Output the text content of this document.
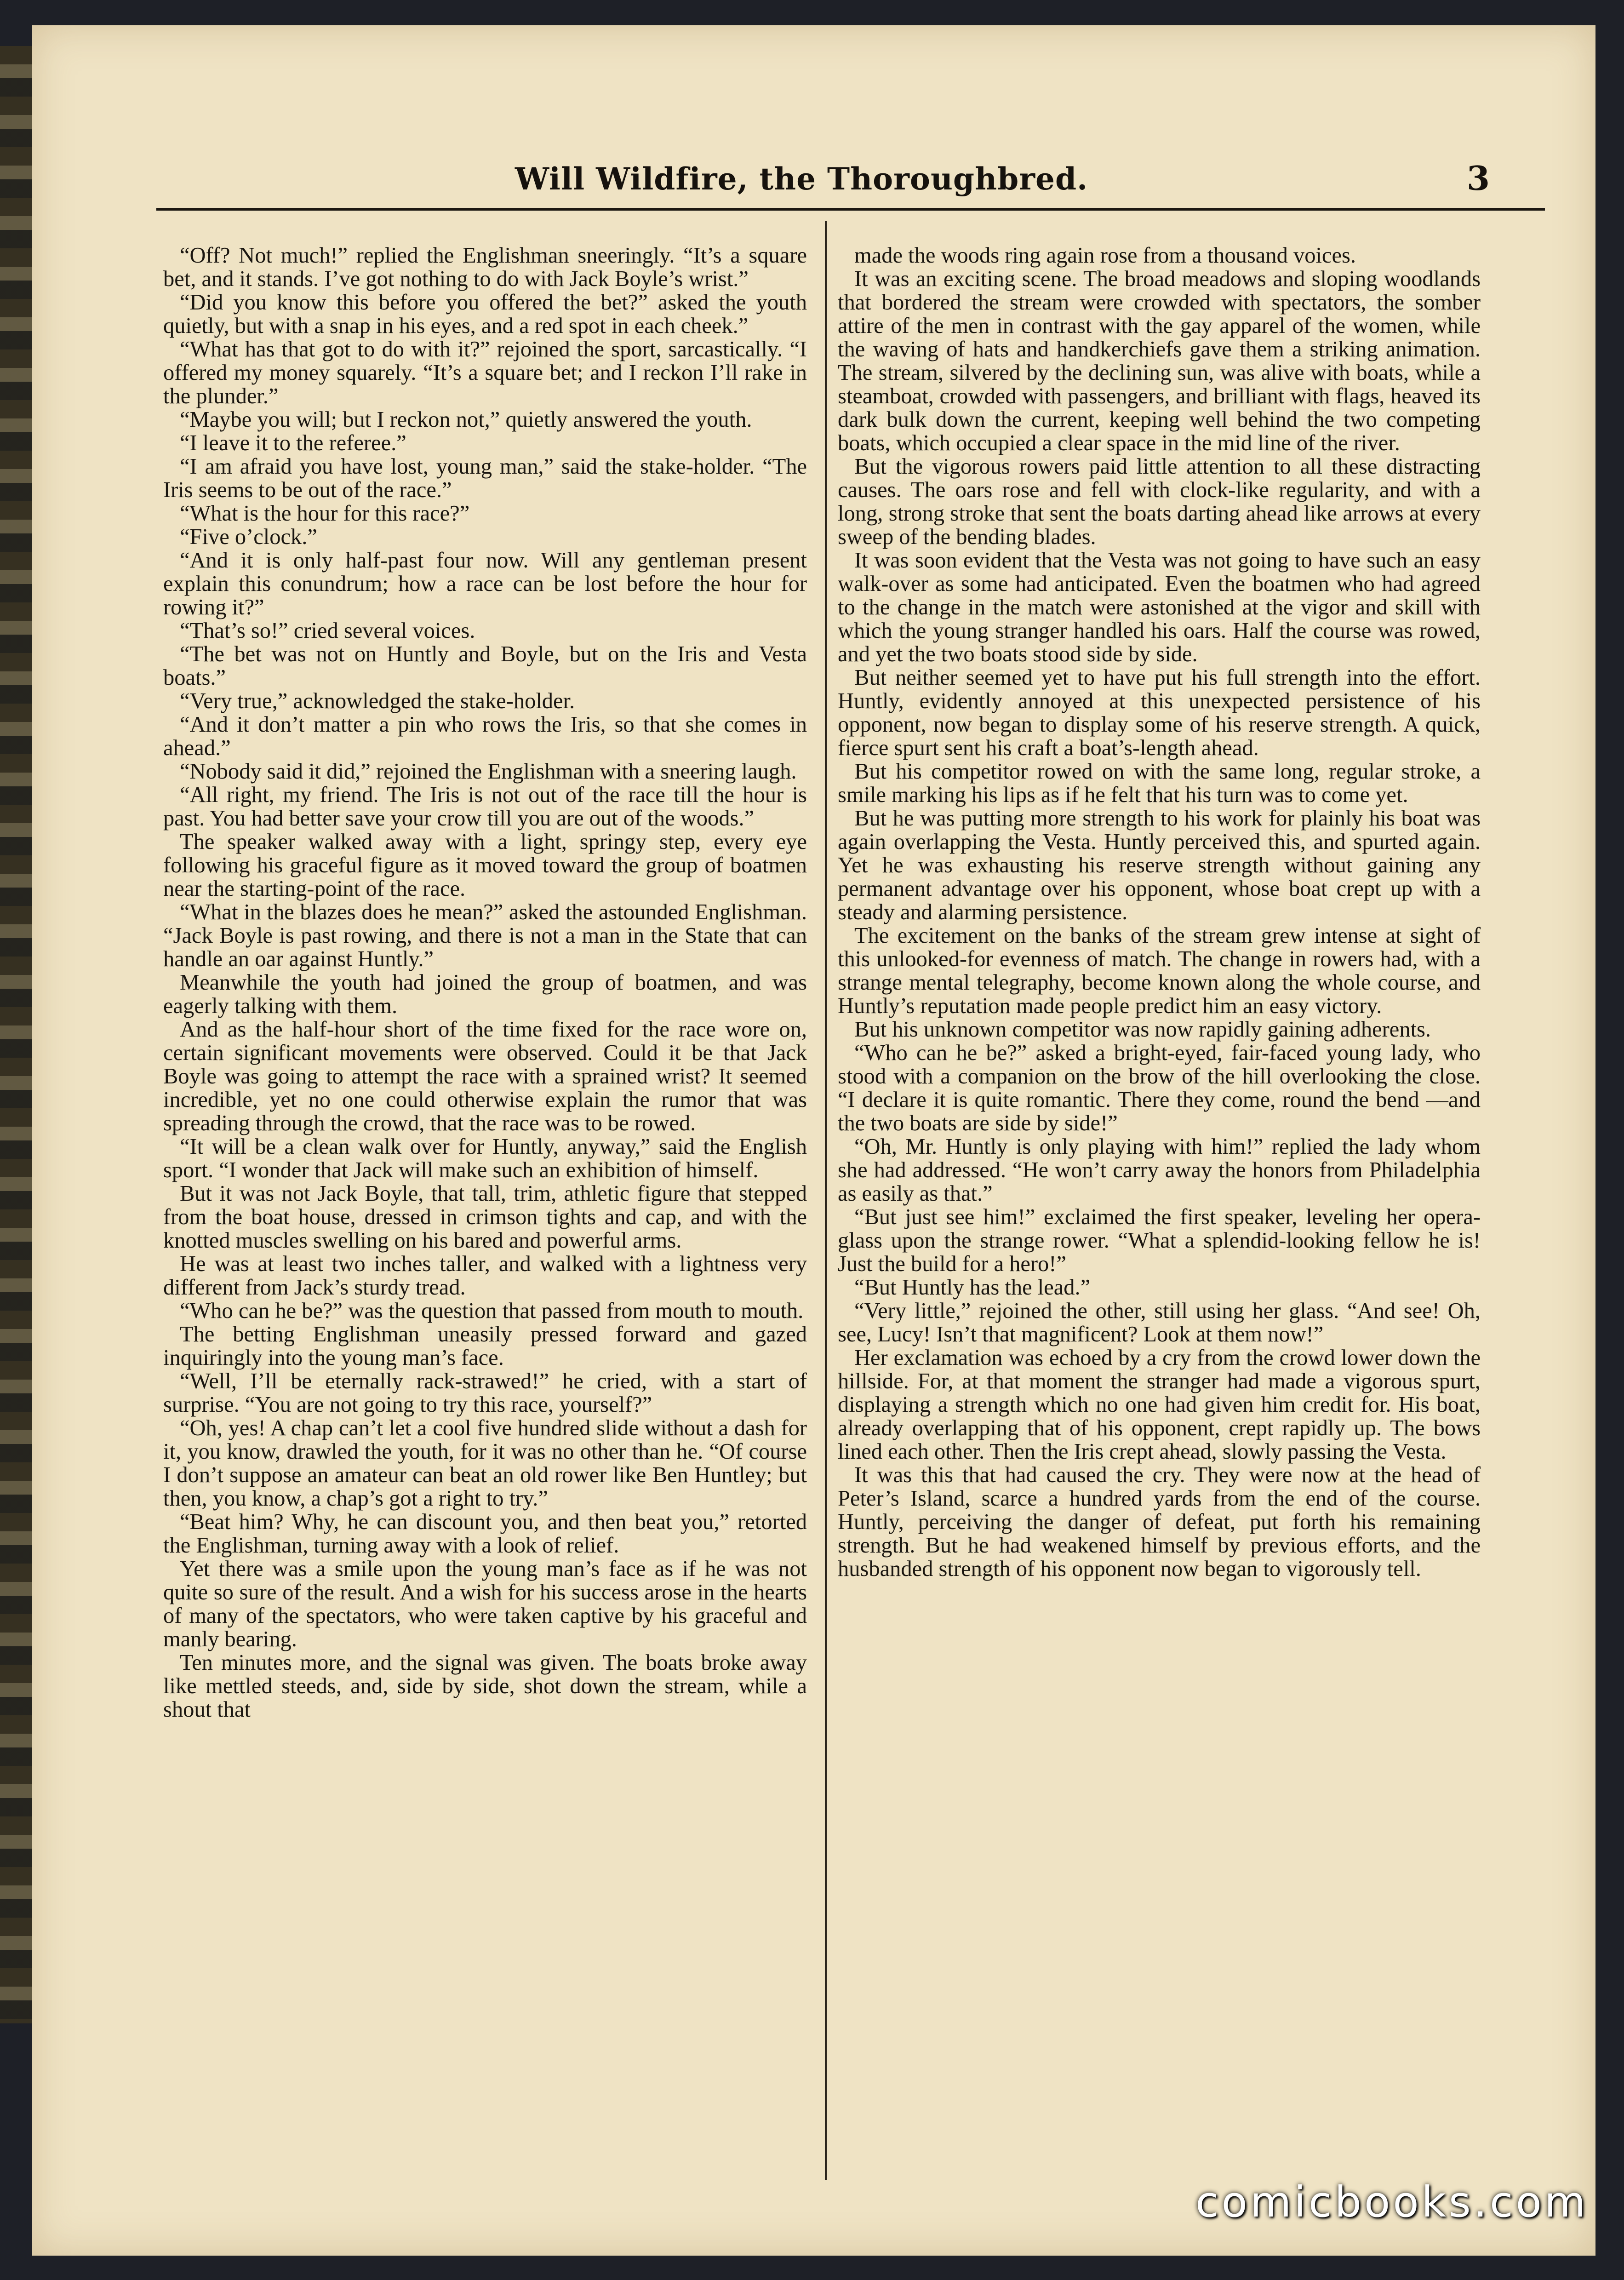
Will Wildfire, the Thoroughbred.	3

“Off? Not much!” replied the Englishman sneeringly. “It’s a square bet, and it stands. I’ve got nothing to do with Jack Boyle’s wrist.”

“Did you know this before you offered the bet?” asked the youth quietly, but with a snap in his eyes, and a red spot in each cheek.”

“What has that got to do with it?” rejoined the sport, sarcastically. “I offered my money squarely. “It’s a square bet; and I reckon I’ll rake in the plunder.”

“Maybe you will; but I reckon not,” quietly answered the youth.

“I leave it to the referee.”

“I am afraid you have lost, young man,” said the stake-holder. “The Iris seems to be out of the race.”

“What is the hour for this race?”

“Five o’clock.”

“And it is only half-past four now. Will any gentleman present explain this conundrum; how a race can be lost before the hour for rowing it?”

“That’s so!” cried several voices.

“The bet was not on Huntly and Boyle, but on the Iris and Vesta boats.”

“Very true,” acknowledged the stake-holder.

“And it don’t matter a pin who rows the Iris, so that she comes in ahead.”

“Nobody said it did,” rejoined the Englishman with a sneering laugh.

“All right, my friend. The Iris is not out of the race till the hour is past. You had better save your crow till you are out of the woods.”

The speaker walked away with a light, springy step, every eye following his graceful figure as it moved toward the group of boatmen near the starting-point of the race.

“What in the blazes does he mean?” asked the astounded Englishman. “Jack Boyle is past rowing, and there is not a man in the State that can handle an oar against Huntly.”

Meanwhile the youth had joined the group of boatmen, and was eagerly talking with them.

And as the half-hour short of the time fixed for the race wore on, certain significant movements were observed. Could it be that Jack Boyle was going to attempt the race with a sprained wrist? It seemed incredible, yet no one could otherwise explain the rumor that was spreading through the crowd, that the race was to be rowed.

“It will be a clean walk over for Huntly, anyway,” said the English sport. “I wonder that Jack will make such an exhibition of himself.

But it was not Jack Boyle, that tall, trim, athletic figure that stepped from the boat house, dressed in crimson tights and cap, and with the knotted muscles swelling on his bared and powerful arms.

He was at least two inches taller, and walked with a lightness very different from Jack’s sturdy tread.

“Who can he be?” was the question that passed from mouth to mouth.

The betting Englishman uneasily pressed forward and gazed inquiringly into the young man’s face.

“Well, I’ll be eternally rack-strawed!” he cried, with a start of surprise. “You are not going to try this race, yourself?”

“Oh, yes! A chap can’t let a cool five hundred slide without a dash for it, you know, drawled the youth, for it was no other than he. “Of course I don’t suppose an amateur can beat an old rower like Ben Huntley; but then, you know, a chap’s got a right to try.”

“Beat him? Why, he can discount you, and then beat you,” retorted the Englishman, turning away with a look of relief.

Yet there was a smile upon the young man’s face as if he was not quite so sure of the result. And a wish for his success arose in the hearts of many of the spectators, who were taken captive by his graceful and manly bearing.

Ten minutes more, and the signal was given. The boats broke away like mettled steeds, and, side by side, shot down the stream, while a shout that

made the woods ring again rose from a thousand voices.

It was an exciting scene. The broad meadows and sloping woodlands that bordered the stream were crowded with spectators, the somber attire of the men in contrast with the gay apparel of the women, while the waving of hats and handkerchiefs gave them a striking animation. The stream, silvered by the declining sun, was alive with boats, while a steamboat, crowded with passengers, and brilliant with flags, heaved its dark bulk down the current, keeping well behind the two competing boats, which occupied a clear space in the mid line of the river.

But the vigorous rowers paid little attention to all these distracting causes. The oars rose and fell with clock-like regularity, and with a long, strong stroke that sent the boats darting ahead like arrows at every sweep of the bending blades.

It was soon evident that the Vesta was not going to have such an easy walk-over as some had anticipated. Even the boatmen who had agreed to the change in the match were astonished at the vigor and skill with which the young stranger handled his oars. Half the course was rowed, and yet the two boats stood side by side.

But neither seemed yet to have put his full strength into the effort. Huntly, evidently annoyed at this unexpected persistence of his opponent, now began to display some of his reserve strength. A quick, fierce spurt sent his craft a boat’s-length ahead.

But his competitor rowed on with the same long, regular stroke, a smile marking his lips as if he felt that his turn was to come yet.

But he was putting more strength to his work for plainly his boat was again overlapping the Vesta. Huntly perceived this, and spurted again. Yet he was exhausting his reserve strength without gaining any permanent advantage over his opponent, whose boat crept up with a steady and alarming persistence.

The excitement on the banks of the stream grew intense at sight of this unlooked-for evenness of match. The change in rowers had, with a strange mental telegraphy, become known along the whole course, and Huntly’s reputation made people predict him an easy victory.

But his unknown competitor was now rapidly gaining adherents.

“Who can he be?” asked a bright-eyed, fair-faced young lady, who stood with a companion on the brow of the hill overlooking the close. “I declare it is quite romantic. There they come, round the bend —and the two boats are side by side!”

“Oh, Mr. Huntly is only playing with him!” replied the lady whom she had addressed. “He won’t carry away the honors from Philadelphia as easily as that.”

“But just see him!” exclaimed the first speaker, leveling her opera-glass upon the strange rower. “What a splendid-looking fellow he is! Just the build for a hero!”

“But Huntly has the lead.”

“Very little,” rejoined the other, still using her glass. “And see! Oh, see, Lucy! Isn’t that magnificent? Look at them now!”

Her exclamation was echoed by a cry from the crowd lower down the hillside. For, at that moment the stranger had made a vigorous spurt, displaying a strength which no one had given him credit for. His boat, already overlapping that of his opponent, crept rapidly up. The bows lined each other. Then the Iris crept ahead, slowly passing the Vesta.

It was this that had caused the cry. They were now at the head of Peter’s Island, scarce a hundred yards from the end of the course. Huntly, perceiving the danger of defeat, put forth his remaining strength. But he had weakened himself by previous efforts, and the husbanded strength of his opponent now began to vigorously tell.

comicbooks.com
